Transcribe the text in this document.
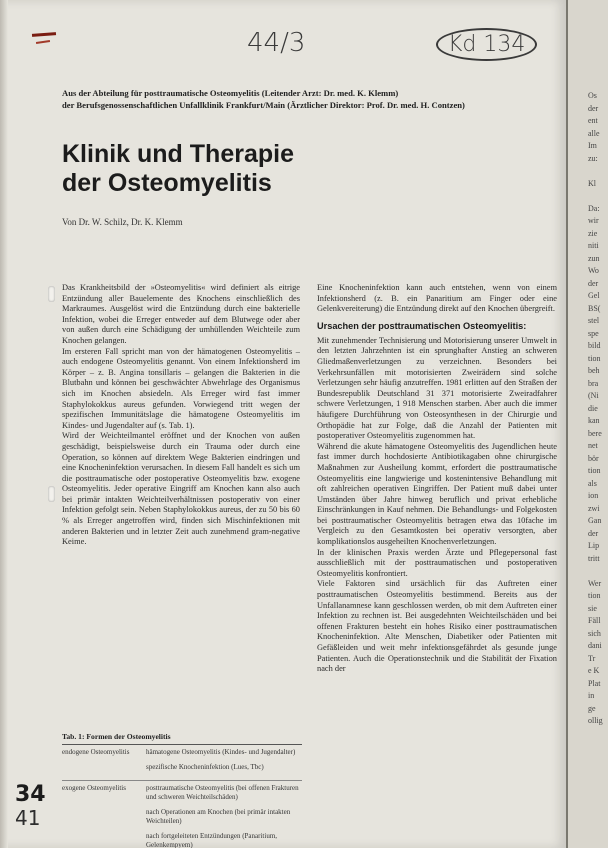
44/3	Kd 134
Aus der Abteilung für posttraumatische Osteomyelitis (Leitender Arzt: Dr. med. K. Klemm)
der Berufsgenossenschaftlichen Unfallklinik Frankfurt/Main (Ärztlicher Direktor: Prof. Dr. med. H. Contzen)
Klinik und Therapie
der Osteomyelitis
Von Dr. W. Schilz, Dr. K. Klemm

Das Krankheitsbild der »Osteomyelitis« wird definiert als eitrige Entzündung aller Bauelemente des Knochens einschließlich des Markraumes. Ausgelöst wird die Entzündung durch eine bakterielle Infektion, wobei die Erreger entweder auf dem Blutwege oder aber von außen durch eine Schädigung der umhüllenden Weichteile zum Knochen gelangen.

Im ersteren Fall spricht man von der hämatogenen Osteomyelitis – auch endogene Osteomyelitis genannt. Von einem Infektionsherd im Körper – z. B. Angina tonsillaris – gelangen die Bakterien in die Blutbahn und können bei geschwächter Abwehrlage des Organismus sich im Knochen absiedeln. Als Erreger wird fast immer Staphylokokkus aureus gefunden. Vorwiegend tritt wegen der spezifischen Immunitätslage die hämatogene Osteomyelitis im Kindes- und Jugendalter auf (s. Tab. 1).

Wird der Weichteilmantel eröffnet und der Knochen von außen geschädigt, beispielsweise durch ein Trauma oder durch eine Operation, so können auf direktem Wege Bakterien eindringen und eine Knocheninfektion verursachen. In diesem Fall handelt es sich um die posttraumatische oder postoperative Osteomyelitis bzw. exogene Osteomyelitis. Jeder operative Eingriff am Knochen kann also auch bei primär intakten Weichteilverhältnissen postoperativ von einer Infektion gefolgt sein. Neben Staphylokokkus aureus, der zu 50 bis 60 % als Erreger angetroffen wird, finden sich Mischinfektionen mit anderen Bakterien und in letzter Zeit auch zunehmend gram-negative Keime.

Tab. 1: Formen der Osteomyelitis
endogene Osteomyelitis	hämatogene Osteomyelitis (Kindes- und Jugendalter)
spezifische Knocheninfektion (Lues, Tbc)
exogene Osteomyelitis	posttraumatische Osteomyelitis (bei offenen Frakturen und schweren Weichteilschäden)
nach Operationen am Knochen (bei primär intakten Weichteilen)
nach fortgeleiteten Entzündungen (Panaritium, Gelenkempyem)

Eine Knocheninfektion kann auch entstehen, wenn von einem Infektionsherd (z. B. ein Panaritium am Finger oder eine Gelenkvereiterung) die Entzündung direkt auf den Knochen übergreift.

Ursachen der posttraumatischen Osteomyelitis:

Mit zunehmender Technisierung und Motorisierung unserer Umwelt in den letzten Jahrzehnten ist ein sprunghafter Anstieg an schweren Gliedmaßenverletzungen zu verzeichnen. Besonders bei Verkehrsunfällen mit motorisierten Zweirädern sind solche Verletzungen sehr häufig anzutreffen. 1981 erlitten auf den Straßen der Bundesrepublik Deutschland 31 371 motorisierte Zweiradfahrer schwere Verletzungen, 1 918 Menschen starben. Aber auch die immer häufigere Durchführung von Osteosynthesen in der Chirurgie und Orthopädie hat zur Folge, daß die Anzahl der Patienten mit postoperativer Osteomyelitis zugenommen hat.

Während die akute hämatogene Osteomyelitis des Jugendlichen heute fast immer durch hochdosierte Antibiotikagaben ohne chirurgische Maßnahmen zur Ausheilung kommt, erfordert die posttraumatische Osteomyelitis eine langwierige und kostenintensive Behandlung mit oft zahlreichen operativen Eingriffen. Der Patient muß dabei unter Umständen über Jahre hinweg beruflich und privat erhebliche Einschränkungen in Kauf nehmen. Die Behandlungs- und Folgekosten bei posttraumatischer Osteomyelitis betragen etwa das 10fache im Vergleich zu den Gesamtkosten bei operativ versorgten, aber komplikationslos ausgeheilten Knochenverletzungen.

In der klinischen Praxis werden Ärzte und Pflegepersonal fast ausschließlich mit der posttraumatischen und postoperativen Osteomyelitis konfrontiert.

Viele Faktoren sind ursächlich für das Auftreten einer posttraumatischen Osteomyelitis bestimmend. Bereits aus der Unfallanamnese kann geschlossen werden, ob mit dem Auftreten einer Infektion zu rechnen ist. Bei ausgedehnten Weichteilschäden und bei offenen Frakturen besteht ein hohes Risiko einer posttraumatischen Knocheninfektion. Alte Menschen, Diabetiker oder Patienten mit Gefäßleiden und weit mehr infektionsgefährdet als gesunde junge Patienten. Auch die Operationstechnik und die Stabilität der Fixation nach der

34
41
Os
der
ent
alle
Im
zu:
Kl
Da:
wir
zie
niti
zun
Wo
der
Gel
BS(
stel
spe
bild
tion
beh
bra
(Ni
die
kan
bere
net
bör
tion
als
ion
zwi
Gan
der
Lip
tritt
Wer
tion
sie
Fäll
sich
dani
Tr
e K
Plat
in
ge
ollig
